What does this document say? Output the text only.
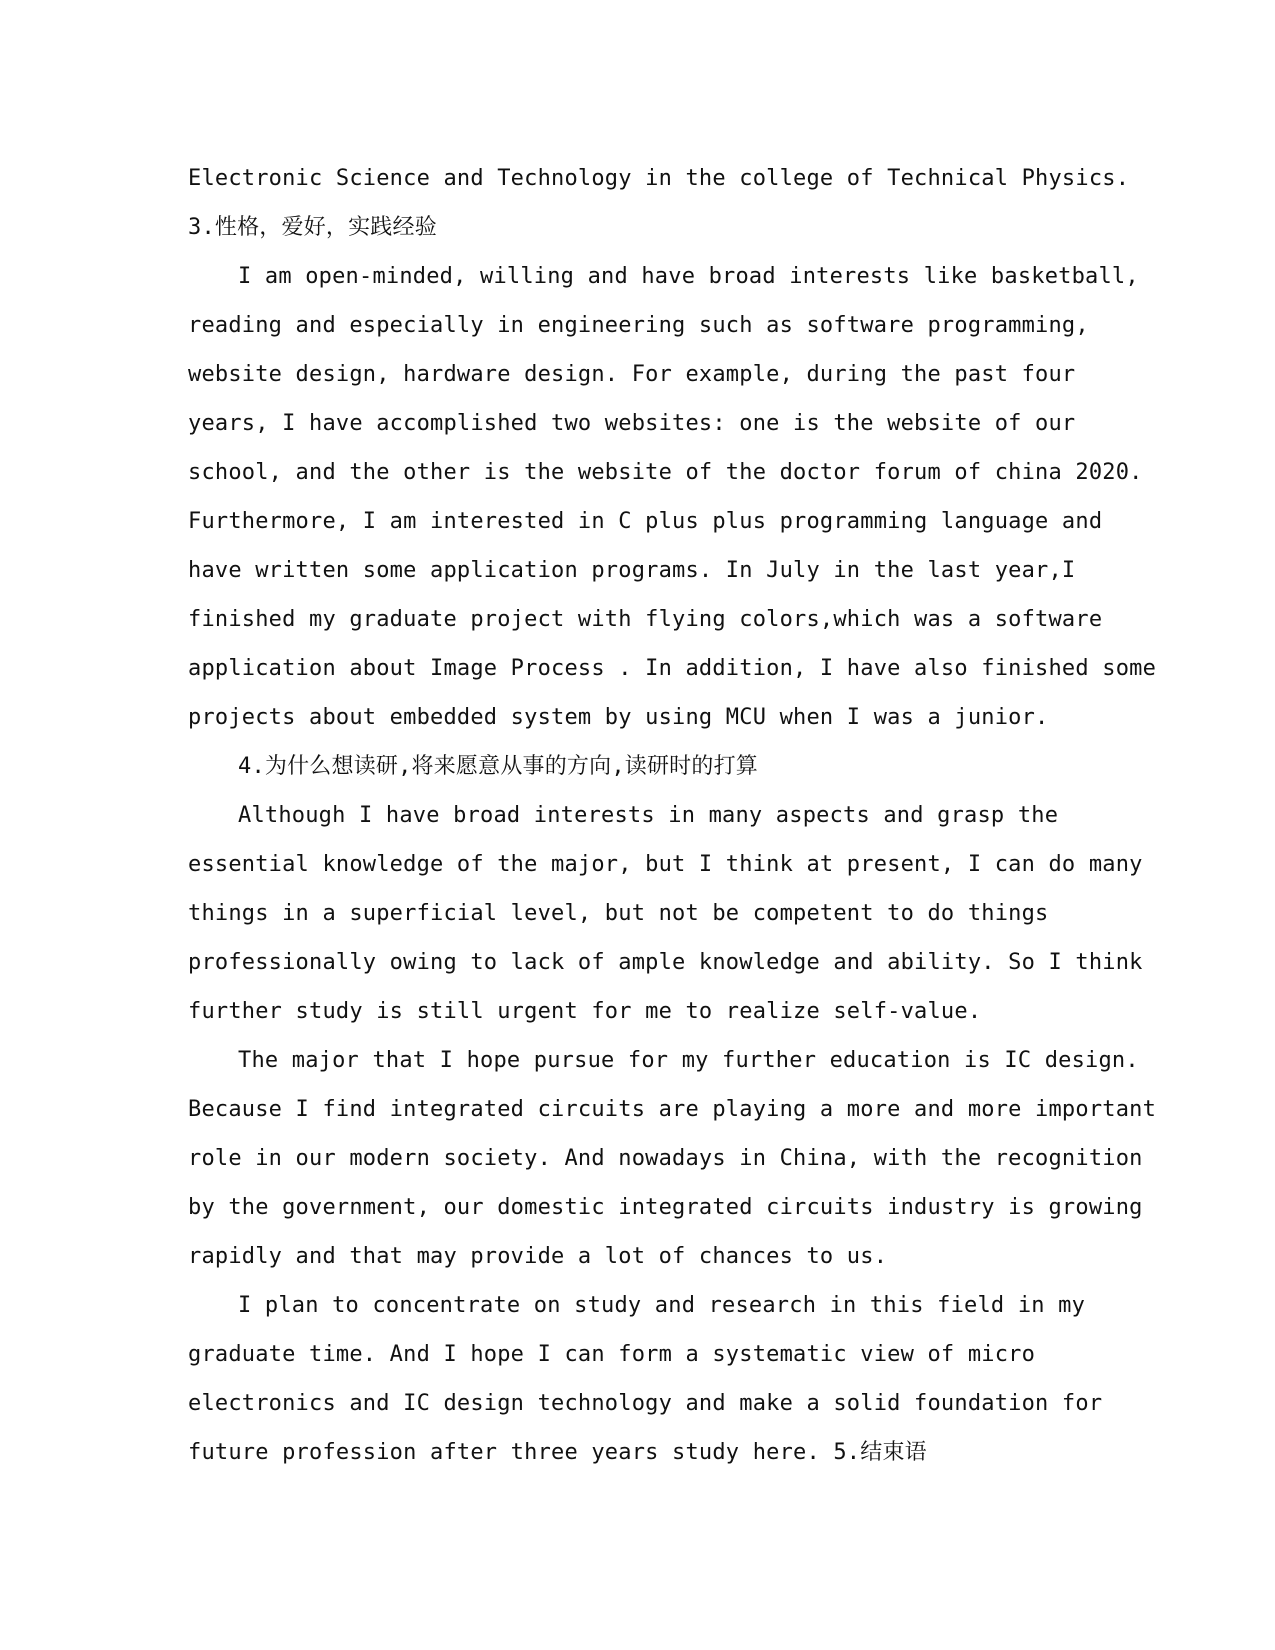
Electronic Science and Technology in the college of Technical Physics.
3.性格，爱好，实践经验
I am open-minded, willing and have broad interests like basketball,
reading and especially in engineering such as software programming,
website design, hardware design. For example, during the past four
years, I have accomplished two websites: one is the website of our
school, and the other is the website of the doctor forum of china 2020.
Furthermore, I am interested in C plus plus programming language and
have written some application programs. In July in the last year,I
finished my graduate project with flying colors,which was a software
application about Image Process . In addition, I have also finished some
projects about embedded system by using MCU when I was a junior.
4.为什么想读研,将来愿意从事的方向,读研时的打算
Although I have broad interests in many aspects and grasp the
essential knowledge of the major, but I think at present, I can do many
things in a superficial level, but not be competent to do things
professionally owing to lack of ample knowledge and ability. So I think
further study is still urgent for me to realize self-value.
The major that I hope pursue for my further education is IC design.
Because I find integrated circuits are playing a more and more important
role in our modern society. And nowadays in China, with the recognition
by the government, our domestic integrated circuits industry is growing
rapidly and that may provide a lot of chances to us.
I plan to concentrate on study and research in this field in my
graduate time. And I hope I can form a systematic view of micro
electronics and IC design technology and make a solid foundation for
future profession after three years study here. 5.结束语
